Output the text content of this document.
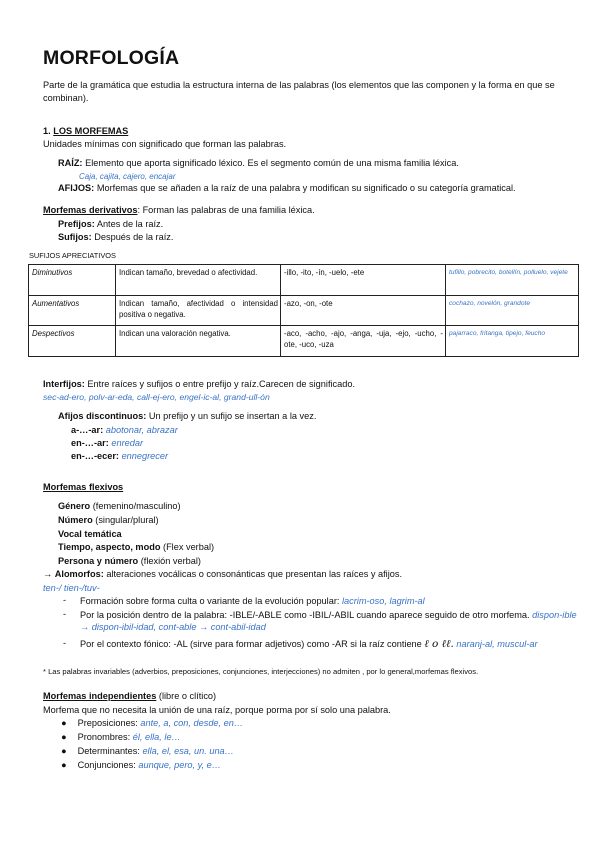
MORFOLOGÍA
Parte de la gramática que estudia la estructura interna de las palabras (los elementos que las componen y la forma en que se combinan).
1. LOS MORFEMAS
Unidades mínimas con significado que forman las palabras.
RAÍZ: Elemento que aporta significado léxico. Es el segmento común de una misma familia léxica.
Caja, cajita, cajero, encajar
AFIJOS: Morfemas que se añaden a la raíz de una palabra y modifican su significado o su categoría gramatical.
Morfemas derivativos: Forman las palabras de una familia léxica.
Prefijos: Antes de la raíz.
Sufijos: Después de la raíz.
SUFIJOS APRECIATIVOS
Diminutivos	Indican tamaño, brevedad o afectividad.	-illo, -ito, -ín, -uelo, -ete	tufillo, pobrecito, botellín, polluelo, vejete
Aumentativos	Indican tamaño, afectividad o intensidad positiva o negativa.	-azo, -on, -ote	cochazo, novelón, grandote
Despectivos	Indican una valoración negativa.	-aco, -acho, -ajo, -anga, -uja, -ejo, -ucho, -ote, -uco, -uza	pajarraco, fritanga, tipejo, feucho
Interfijos: Entre raíces y sufijos o entre prefijo y raíz.Carecen de significado.
sec-ad-ero, polv-ar-eda, call-ej-ero, engel-ic-al, grand-ull-ón
Afijos discontinuos: Un prefijo y un sufijo se insertan a la vez.
a-…-ar: abotonar, abrazar
en-…-ar: enredar
en-…-ecer: ennegrecer
Morfemas flexivos
Género (femenino/masculino)
Número (singular/plural)
Vocal temática
Tiempo, aspecto, modo (Flex verbal)
Persona y número (flexión verbal)
→ Alomorfos: alteraciones vocálicas o consonánticas que presentan las raíces y afijos.
ten-/ tien-/tuv-
- Formación sobre forma culta o variante de la evolución popular: lacrim-oso, lagrim-al
- Por la posición dentro de la palabra: -IBLE/-ABLE como -IBIL/-ABIL cuando aparece seguido de otro morfema. dispon-ible → dispon-ibil-idad, cont-able → cont-abil-idad
- Por el contexto fónico: -AL (sirve para formar adjetivos) como -AR si la raíz contiene ℓ o ℓℓ. naranj-al, muscul-ar
* Las palabras invariables (adverbios, preposiciones, conjunciones, interjecciones) no admiten , por lo general,morfemas flexivos.
Morfemas independientes (libre o clítico)
Morfema que no necesita la unión de una raíz, porque porma por sí solo una palabra.
● Preposiciones: ante, a, con, desde, en…
● Pronombres: él, ella, le…
● Determinantes: ella, el, esa, un. una…
● Conjunciones: aunque, pero, y, e…
